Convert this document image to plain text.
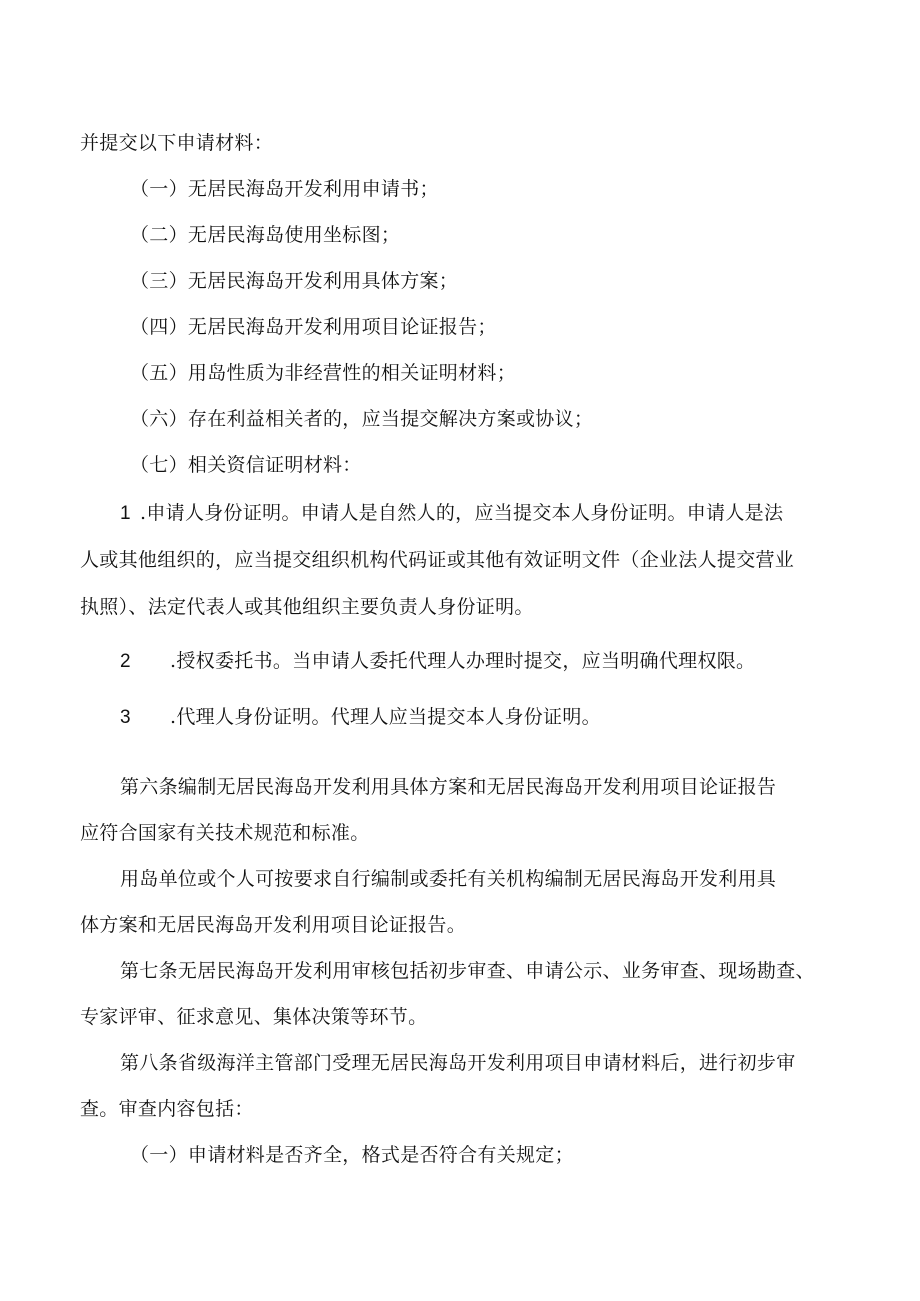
并提交以下申请材料：
（一）无居民海岛开发利用申请书；
（二）无居民海岛使用坐标图；
（三）无居民海岛开发利用具体方案；
（四）无居民海岛开发利用项目论证报告；
（五）用岛性质为非经营性的相关证明材料；
（六）存在利益相关者的，应当提交解决方案或协议；
（七）相关资信证明材料：
1 .申请人身份证明。申请人是自然人的，应当提交本人身份证明。申请人是法
人或其他组织的，应当提交组织机构代码证或其他有效证明文件（企业法人提交营业
执照）、法定代表人或其他组织主要负责人身份证明。
2 .授权委托书。当申请人委托代理人办理时提交，应当明确代理权限。
3 .代理人身份证明。代理人应当提交本人身份证明。
第六条编制无居民海岛开发利用具体方案和无居民海岛开发利用项目论证报告
应符合国家有关技术规范和标准。
用岛单位或个人可按要求自行编制或委托有关机构编制无居民海岛开发利用具
体方案和无居民海岛开发利用项目论证报告。
第七条无居民海岛开发利用审核包括初步审查、申请公示、业务审查、现场勘查、
专家评审、征求意见、集体决策等环节。
第八条省级海洋主管部门受理无居民海岛开发利用项目申请材料后，进行初步审
查。审查内容包括：
（一）申请材料是否齐全，格式是否符合有关规定；
